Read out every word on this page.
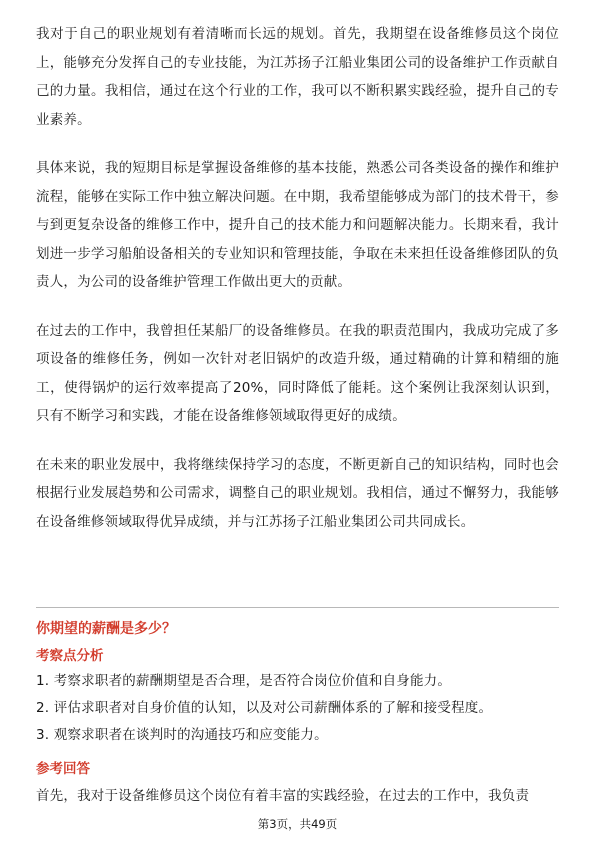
我对于自己的职业规划有着清晰而长远的规划。首先，我期望在设备维修员这个岗位上，能够充分发挥自己的专业技能，为江苏扬子江船业集团公司的设备维护工作贡献自己的力量。我相信，通过在这个行业的工作，我可以不断积累实践经验，提升自己的专业素养。

具体来说，我的短期目标是掌握设备维修的基本技能，熟悉公司各类设备的操作和维护流程，能够在实际工作中独立解决问题。在中期，我希望能够成为部门的技术骨干，参与到更复杂设备的维修工作中，提升自己的技术能力和问题解决能力。长期来看，我计划进一步学习船舶设备相关的专业知识和管理技能，争取在未来担任设备维修团队的负责人，为公司的设备维护管理工作做出更大的贡献。

在过去的工作中，我曾担任某船厂的设备维修员。在我的职责范围内，我成功完成了多项设备的维修任务，例如一次针对老旧锅炉的改造升级，通过精确的计算和精细的施工，使得锅炉的运行效率提高了20%，同时降低了能耗。这个案例让我深刻认识到，只有不断学习和实践，才能在设备维修领域取得更好的成绩。

在未来的职业发展中，我将继续保持学习的态度，不断更新自己的知识结构，同时也会根据行业发展趋势和公司需求，调整自己的职业规划。我相信，通过不懈努力，我能够在设备维修领域取得优异成绩，并与江苏扬子江船业集团公司共同成长。

你期望的薪酬是多少？

考察点分析

1. 考察求职者的薪酬期望是否合理，是否符合岗位价值和自身能力。

2. 评估求职者对自身价值的认知，以及对公司薪酬体系的了解和接受程度。

3. 观察求职者在谈判时的沟通技巧和应变能力。

参考回答

首先，我对于设备维修员这个岗位有着丰富的实践经验，在过去的工作中，我负责

第3页，共49页
